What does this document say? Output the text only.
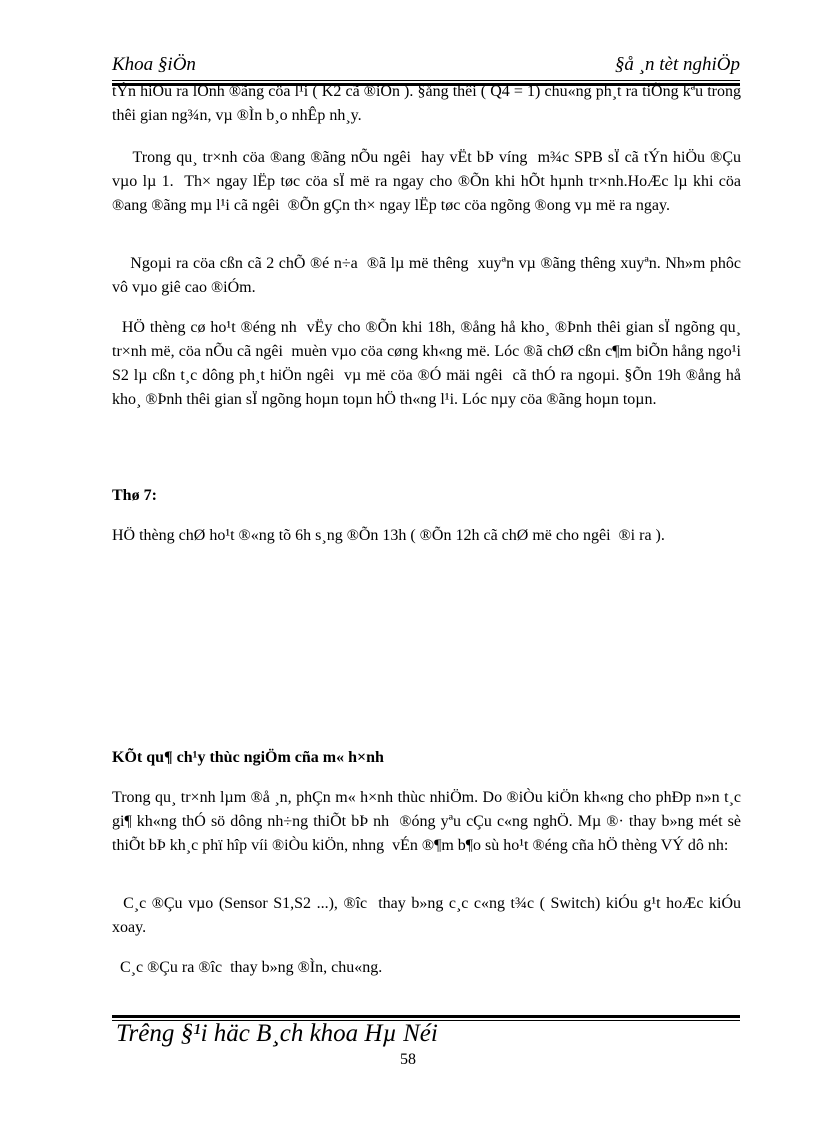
Khoa §iÖn	§å ¸n tèt nghiÖp

tÝn hiÖu ra lÖnh ®ãng cöa l¹i ( K2 cã ®iÖn ). §ång thêi ( Q4 = 1) chu«ng ph¸t ra tiÕng kªu trong thêi gian ng¾n, vµ ®Ìn b¸o nhÊp nh¸y.

Trong qu¸ tr×nh cöa ®ang ®ãng nÕu ngêi  hay vËt bÞ víng  m¾c SPB sÏ cã tÝn hiÖu ®Çu vµo lµ 1.  Th× ngay lËp tøc cöa sÏ më ra ngay cho ®Õn khi hÕt hµnh tr×nh.HoÆc lµ khi cöa ®ang ®ãng mµ l¹i cã ngêi  ®Õn gÇn th× ngay lËp tøc cöa ngõng ®ong vµ më ra ngay.

Ngoµi ra cöa cßn cã 2 chÕ ®é n÷a  ®ã lµ më thêng  xuyªn vµ ®ãng thêng xuyªn. Nh»m phôc vô vµo giê cao ®iÓm.

HÖ thèng cø ho¹t ®éng nh  vËy cho ®Õn khi 18h, ®ång hå kho¸ ®Þnh thêi gian sÏ ngõng qu¸ tr×nh më, cöa nÕu cã ngêi  muèn vµo cöa cøng kh«ng më. Lóc ®ã chØ cßn c¶m biÕn hång ngo¹i S2 lµ cßn t¸c dông ph¸t hiÖn ngêi  vµ më cöa ®Ó mäi ngêi  cã thÓ ra ngoµi. §Õn 19h ®ång hå kho¸ ®Þnh thêi gian sÏ ngõng hoµn toµn hÖ th«ng l¹i. Lóc nµy cöa ®ãng hoµn toµn.

Thø 7:

HÖ thèng chØ ho¹t ®«ng tõ 6h s¸ng ®Õn 13h ( ®Õn 12h cã chØ më cho ngêi  ®i ra ).

KÕt qu¶ ch¹y thùc ngiÖm cña m« h×nh

Trong qu¸ tr×nh lµm ®å ¸n, phÇn m« h×nh thùc nhiÖm. Do ®iÒu kiÖn kh«ng cho phÐp n»n t¸c gi¶ kh«ng thÓ sö dông nh÷ng thiÕt bÞ nh  ®óng yªu cÇu c«ng nghÖ. Mµ ®· thay b»ng mét sè thiÕt bÞ kh¸c phï hîp víi ®iÒu kiÖn, nhng  vÉn ®¶m b¶o sù ho¹t ®éng cña hÖ thèng VÝ dô nh:

C¸c ®Çu vµo (Sensor S1,S2 ...), ®îc  thay b»ng c¸c c«ng t¾c ( Switch) kiÓu g¹t hoÆc kiÓu xoay.

C¸c ®Çu ra ®îc  thay b»ng ®Ìn, chu«ng.

Trêng §¹i häc B¸ch khoa Hµ Néi
58
